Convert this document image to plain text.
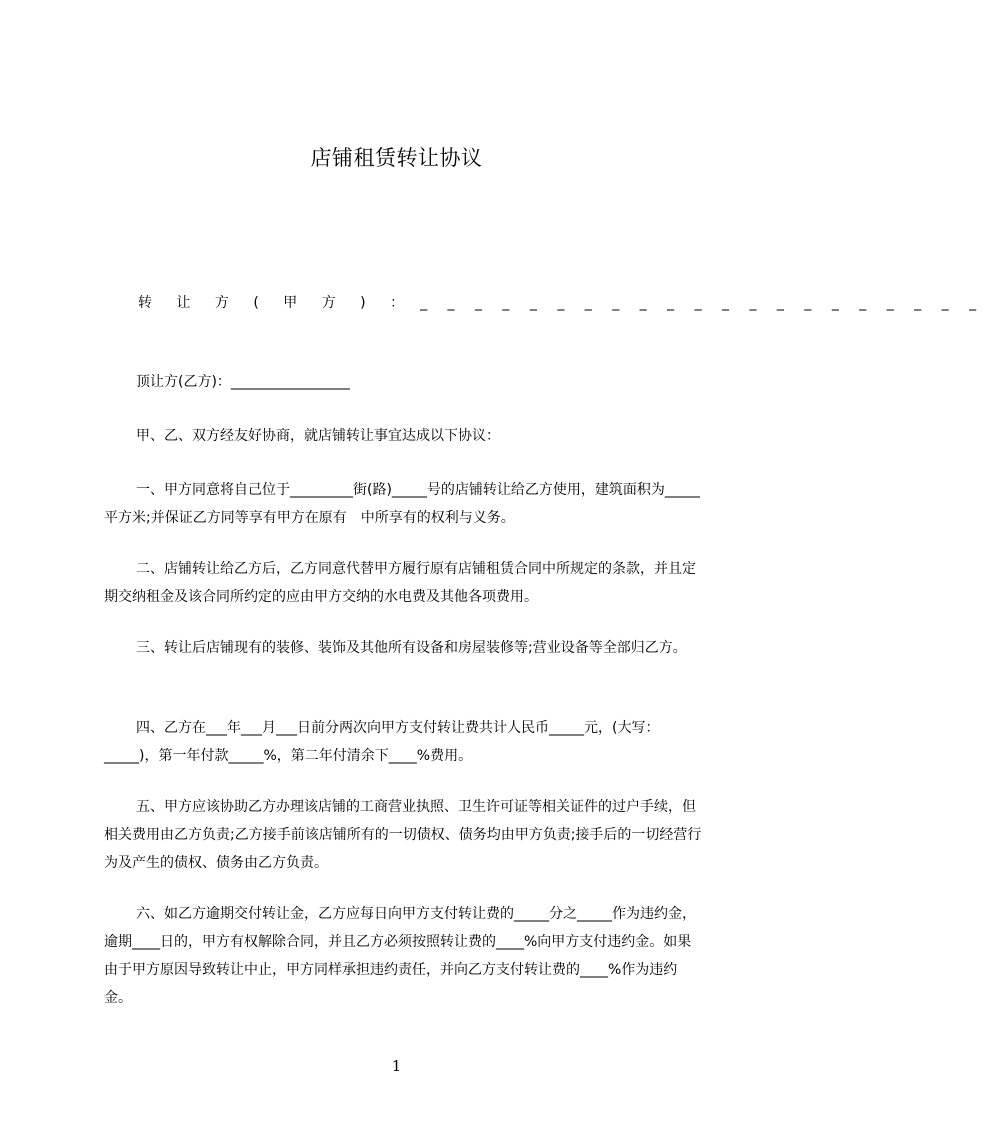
店铺租赁转让协议
转 让 方 ( 甲 方 ) ： _ _ _ _ _ _ _ _ _ _ _ _ _ _ _ _ _ _ _ _ _
顶让方(乙方)：_________________
甲、乙、双方经友好协商，就店铺转让事宜达成以下协议：
一、甲方同意将自己位于_________街(路)_____号的店铺转让给乙方使用，建筑面积为_____平方米;并保证乙方同等享有甲方在原有　中所享有的权利与义务。
二、店铺转让给乙方后，乙方同意代替甲方履行原有店铺租赁合同中所规定的条款，并且定期交纳租金及该合同所约定的应由甲方交纳的水电费及其他各项费用。
三、转让后店铺现有的装修、装饰及其他所有设备和房屋装修等;营业设备等全部归乙方。
四、乙方在___年___月___日前分两次向甲方支付转让费共计人民币_____元，(大写：_____)，第一年付款_____%，第二年付清余下____%费用。
五、甲方应该协助乙方办理该店铺的工商营业执照、卫生许可证等相关证件的过户手续，但相关费用由乙方负责;乙方接手前该店铺所有的一切债权、债务均由甲方负责;接手后的一切经营行为及产生的债权、债务由乙方负责。
六、如乙方逾期交付转让金，乙方应每日向甲方支付转让费的_____分之_____作为违约金，逾期____日的，甲方有权解除合同，并且乙方必须按照转让费的____%向甲方支付违约金。如果由于甲方原因导致转让中止，甲方同样承担违约责任，并向乙方支付转让费的____%作为违约金。
1
